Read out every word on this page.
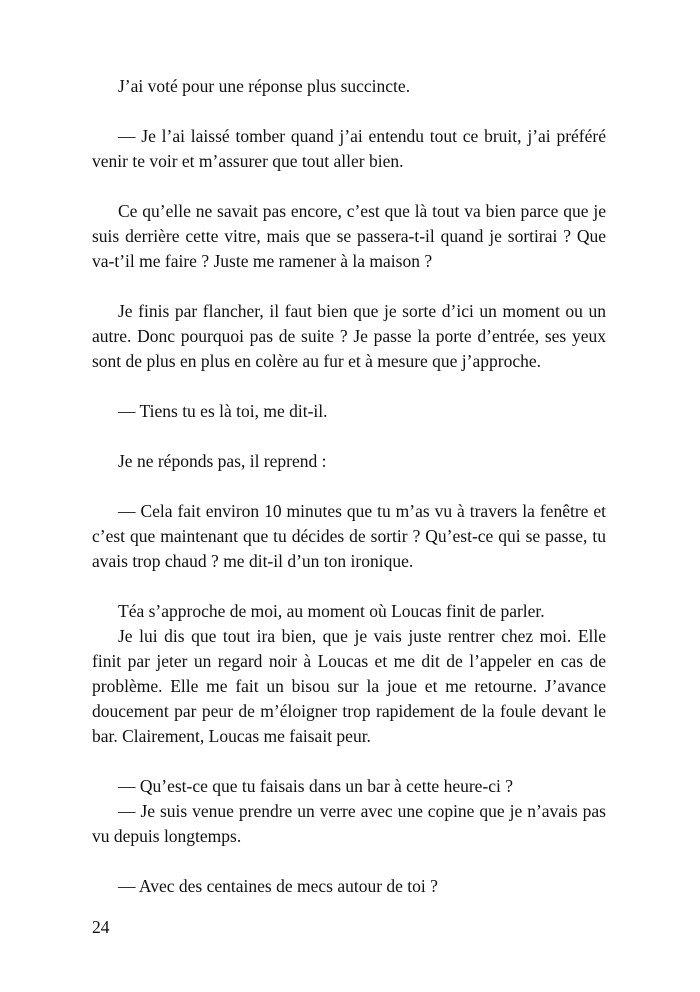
J’ai voté pour une réponse plus succincte.

— Je l’ai laissé tomber quand j’ai entendu tout ce bruit, j’ai préféré venir te voir et m’assurer que tout aller bien.

Ce qu’elle ne savait pas encore, c’est que là tout va bien parce que je suis derrière cette vitre, mais que se passera-t-il quand je sortirai ? Que va-t’il me faire ? Juste me ramener à la maison ?

Je finis par flancher, il faut bien que je sorte d’ici un moment ou un autre. Donc pourquoi pas de suite ? Je passe la porte d’entrée, ses yeux sont de plus en plus en colère au fur et à mesure que j’approche.

— Tiens tu es là toi, me dit-il.

Je ne réponds pas, il reprend :

— Cela fait environ 10 minutes que tu m’as vu à travers la fenêtre et c’est que maintenant que tu décides de sortir ? Qu’est-ce qui se passe, tu avais trop chaud ? me dit-il d’un ton ironique.

Téa s’approche de moi, au moment où Loucas finit de parler.

Je lui dis que tout ira bien, que je vais juste rentrer chez moi. Elle finit par jeter un regard noir à Loucas et me dit de l’appeler en cas de problème. Elle me fait un bisou sur la joue et me retourne. J’avance doucement par peur de m’éloigner trop rapidement de la foule devant le bar. Clairement, Loucas me faisait peur.

— Qu’est-ce que tu faisais dans un bar à cette heure-ci ?

— Je suis venue prendre un verre avec une copine que je n’avais pas vu depuis longtemps.

— Avec des centaines de mecs autour de toi ?

24
